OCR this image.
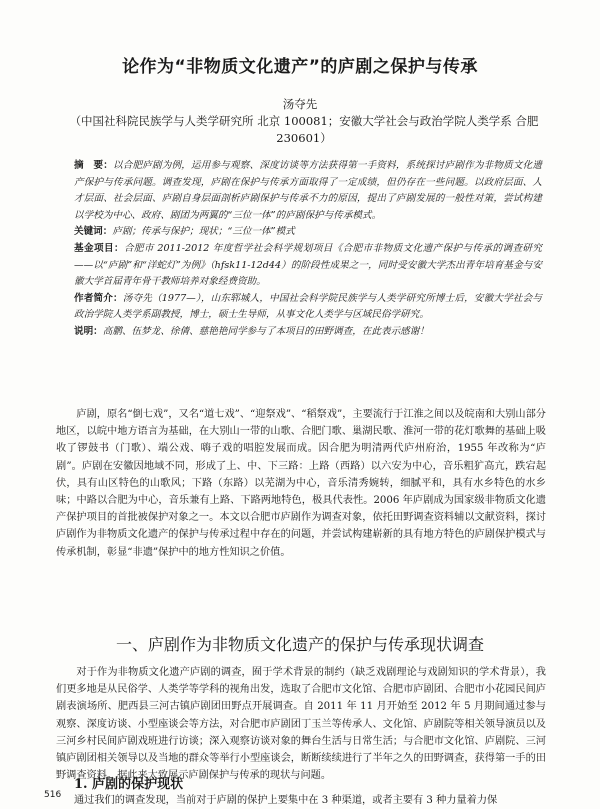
论作为“非物质文化遗产”的庐剧之保护与传承
汤夺先
（中国社科院民族学与人类学研究所 北京 100081；安徽大学社会与政治学院人类学系 合肥 230601）

摘　要：以合肥庐剧为例，运用参与观察、深度访谈等方法获得第一手资料，系统探讨庐剧作为非物质文化遗产保护与传承问题。调查发现，庐剧在保护与传承方面取得了一定成绩，但仍存在一些问题。以政府层面、人才层面、社会层面、庐剧自身层面剖析庐剧保护与传承不力的原因，提出了庐剧发展的一般性对策，尝试构建以学校为中心、政府、剧团为两翼的“三位一体”的庐剧保护与传承模式。

关键词：庐剧；传承与保护；现状；“三位一体”模式

基金项目：合肥市 2011-2012 年度哲学社会科学规划项目《合肥市非物质文化遗产保护与传承的调查研究——以“庐剧”和“洋蛇灯”为例》（hfsk11-12d44）的阶段性成果之一，同时受安徽大学杰出青年培育基金与安徽大学首届青年骨干教师培养对象经费资助。

作者简介：汤夺先（1977—），山东郓城人，中国社会科学院民族学与人类学研究所博士后，安徽大学社会与政治学院人类学系副教授，博士，硕士生导师，从事文化人类学与区域民俗学研究。

说明：高鹏、伍梦龙、徐倩、慈艳艳同学参与了本项目的田野调查，在此表示感谢！

庐剧，原名“倒七戏”，又名“道七戏”、“迎祭戏”、“稻祭戏”，主要流行于江淮之间以及皖南和大别山部分地区，以皖中地方语言为基础，在大别山一带的山歌、合肥门歌、巢湖民歌、淮河一带的花灯歌舞的基础上吸收了锣鼓书（门歌）、端公戏、嗨子戏的唱腔发展而成。因合肥为明清两代庐州府治，1955 年改称为“庐剧”。庐剧在安徽因地域不同，形成了上、中、下三路：上路（西路）以六安为中心，音乐粗犷高亢，跌宕起伏，具有山区特色的山歌风；下路（东路）以芜湖为中心，音乐清秀婉转，细腻平和，具有水乡特色的水乡味；中路以合肥为中心，音乐兼有上路、下路两地特色，极具代表性。2006 年庐剧成为国家级非物质文化遗产保护项目的首批被保护对象之一。本文以合肥市庐剧作为调查对象，依托田野调查资料辅以文献资料，探讨庐剧作为非物质文化遗产的保护与传承过程中存在的问题，并尝试构建崭新的具有地方特色的庐剧保护模式与传承机制，彰显“非遗”保护中的地方性知识之价值。

一、庐剧作为非物质文化遗产的保护与传承现状调查

对于作为非物质文化遗产庐剧的调查，囿于学术背景的制约（缺乏戏剧理论与戏剧知识的学术背景），我们更多地是从民俗学、人类学等学科的视角出发，选取了合肥市文化馆、合肥市庐剧团、合肥市小花园民间庐剧表演场所、肥西县三河古镇庐剧团田野点开展调查。自 2011 年 11 月开始至 2012 年 5 月期间通过参与观察、深度访谈、小型座谈会等方法，对合肥市庐剧团丁玉兰等传承人、文化馆、庐剧院等相关领导演员以及三河乡村民间庐剧戏班进行访谈；深入观察访谈对象的舞台生活与日常生活；与合肥市文化馆、庐剧院、三河镇庐剧团相关领导以及当地的群众等举行小型座谈会，断断续续进行了半年之久的田野调查，获得第一手的田野调查资料。据此来大致展示庐剧保护与传承的现状与问题。

1. 庐剧的保护现状
通过我们的调查发现，当前对于庐剧的保护上要集中在 3 种渠道，或者主要有 3 种力量着力保
516
